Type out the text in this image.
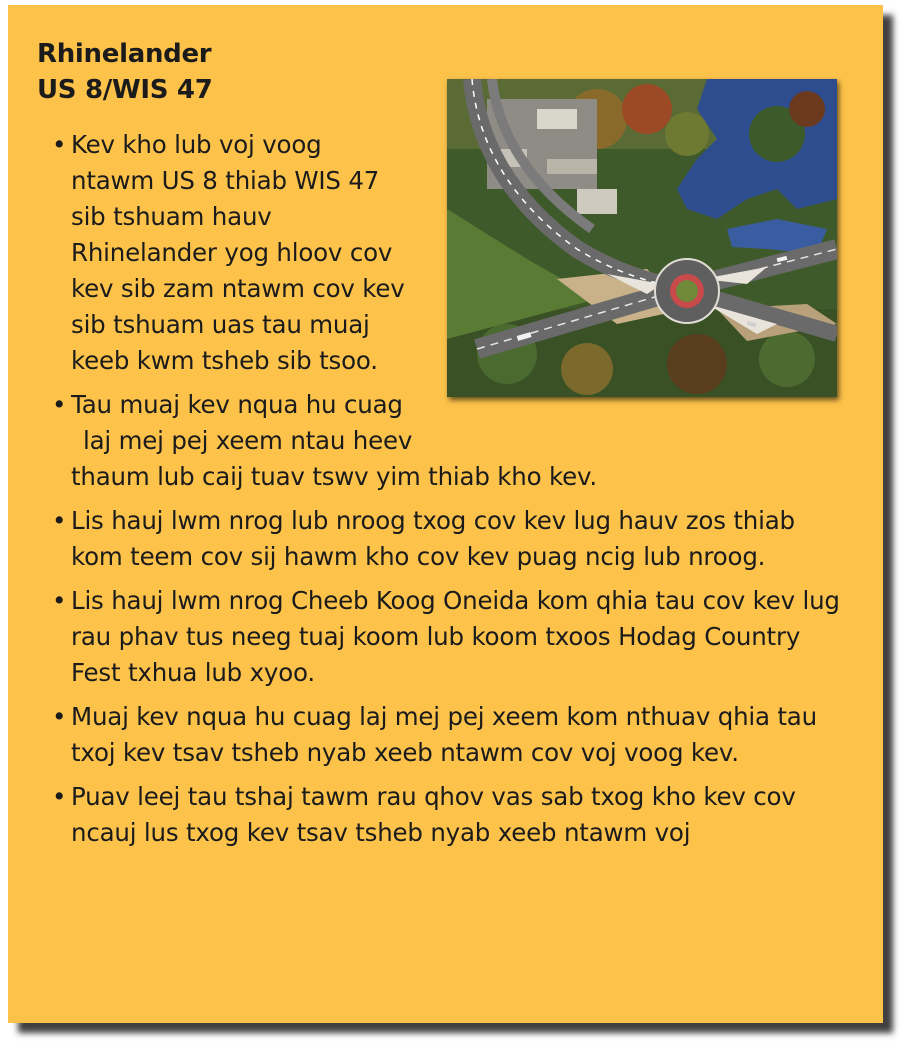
Rhinelander
US 8/WIS 47
• Kev kho lub voj voog ntawm US 8 thiab WIS 47 sib tshuam hauv Rhinelander yog hloov cov kev sib zam ntawm cov kev sib tshuam uas tau muaj keeb kwm tsheb sib tsoo.
• Tau muaj kev nqua hu cuag
laj mej pej xeem ntau heev
thaum lub caij tuav tswv yim thiab kho kev.
• Lis hauj lwm nrog lub nroog txog cov kev lug hauv zos thiab kom teem cov sij hawm kho cov kev puag ncig lub nroog.
• Lis hauj lwm nrog Cheeb Koog Oneida kom qhia tau cov kev lug rau phav tus neeg tuaj koom lub koom txoos Hodag Country Fest txhua lub xyoo.
• Muaj kev nqua hu cuag laj mej pej xeem kom nthuav qhia tau txoj kev tsav tsheb nyab xeeb ntawm cov voj voog kev.
• Puav leej tau tshaj tawm rau qhov vas sab txog kho kev cov ncauj lus txog kev tsav tsheb nyab xeeb ntawm voj
